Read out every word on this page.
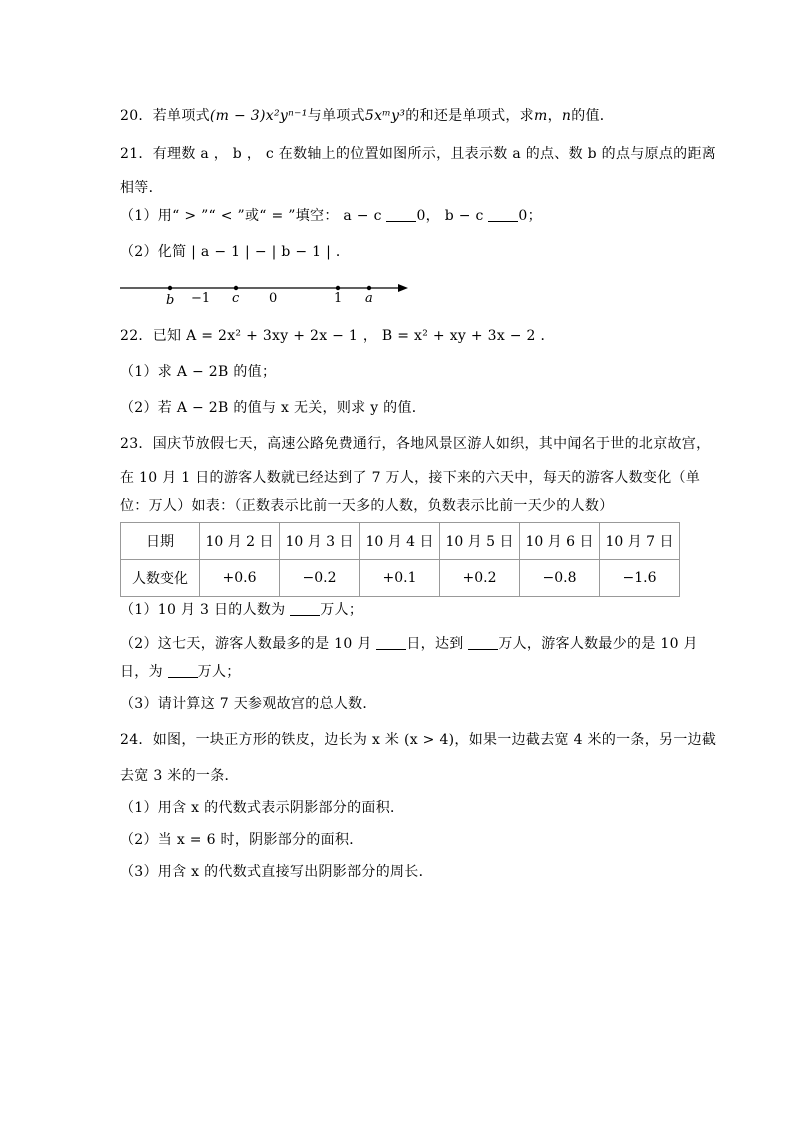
20．若单项式(m − 3)x²yⁿ⁻¹与单项式5xᵐy³的和还是单项式，求m，n的值．
21．有理数 a ， b ， c 在数轴上的位置如图所示，且表示数 a 的点、数 b 的点与原点的距离
相等．
（1）用“ > ”“ < ”或“ = ”填空： a − c 0， b − c 0；
（2）化简 | a − 1 | − | b − 1 | ．
b −1 c 0	1 a
22．已知 A = 2x² + 3xy + 2x − 1 ， B = x² + xy + 3x − 2 ．
（1）求 A − 2B 的值；
（2）若 A − 2B 的值与 x 无关，则求 y 的值．
23．国庆节放假七天，高速公路免费通行，各地风景区游人如织，其中闻名于世的北京故宫，
在 10 月 1 日的游客人数就已经达到了 7 万人，接下来的六天中，每天的游客人数变化（单
位：万人）如表：（正数表示比前一天多的人数，负数表示比前一天少的人数）
日期	10 月 2 日	10 月 3 日	10 月 4 日	10 月 5 日	10 月 6 日	10 月 7 日
人数变化	+0.6	−0.2	+0.1	+0.2	−0.8	−1.6
（1）10 月 3 日的人数为 万人；
（2）这七天，游客人数最多的是 10 月 日，达到 万人，游客人数最少的是 10 月
日，为 万人；
（3）请计算这 7 天参观故宫的总人数．
24．如图，一块正方形的铁皮，边长为 x 米 (x > 4)，如果一边截去宽 4 米的一条，另一边截
去宽 3 米的一条．
（1）用含 x 的代数式表示阴影部分的面积．
（2）当 x = 6 时，阴影部分的面积．
（3）用含 x 的代数式直接写出阴影部分的周长．
